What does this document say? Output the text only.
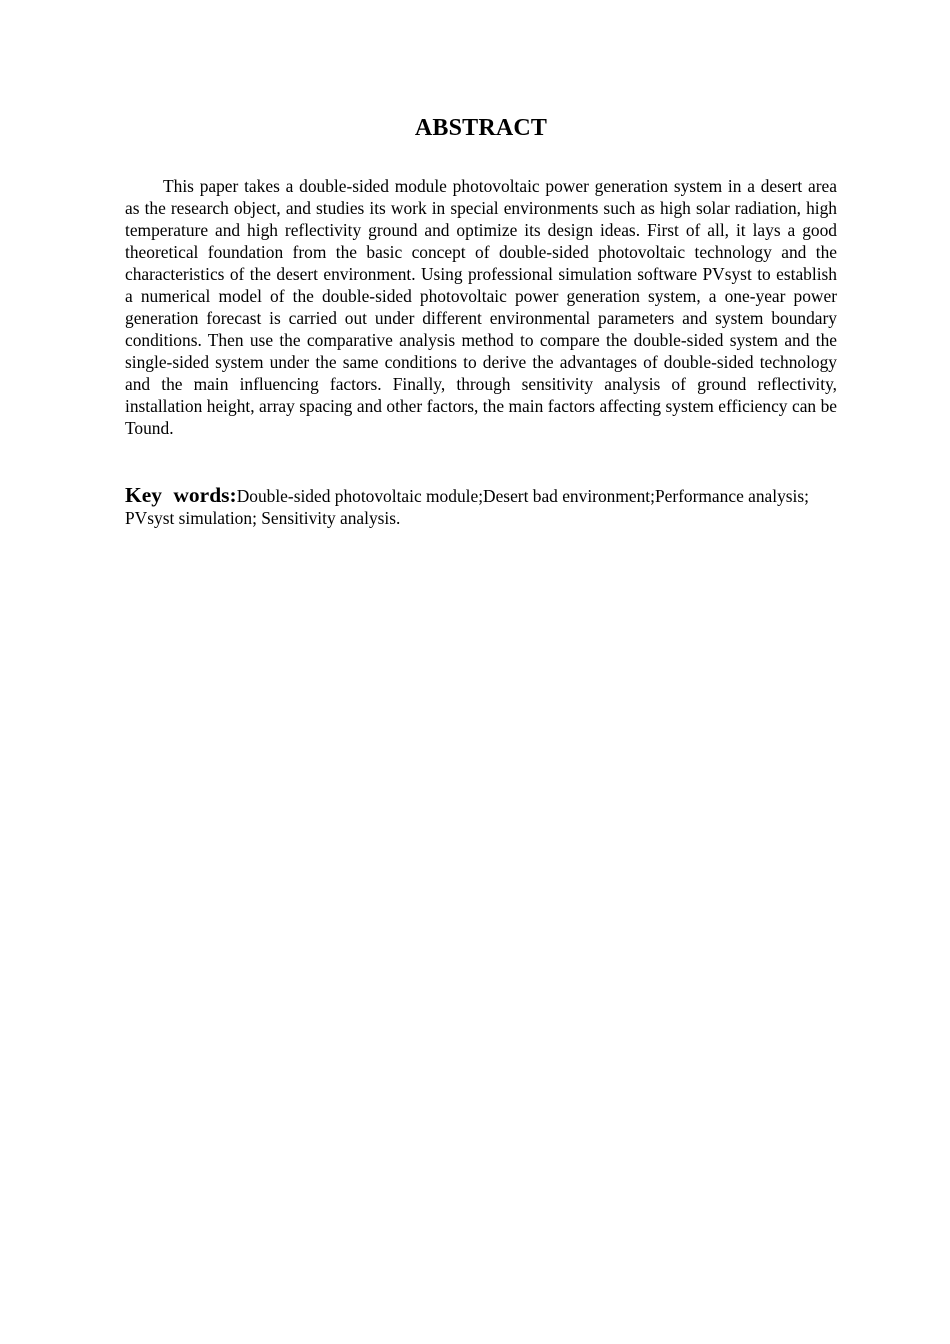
ABSTRACT

This paper takes a double-sided module photovoltaic power generation system in a desert area as the research object, and studies its work in special environments such as high solar radiation, high temperature and high reflectivity ground and optimize its design ideas. First of all, it lays a good theoretical foundation from the basic concept of double-sided photovoltaic technology and the characteristics of the desert environment. Using professional simulation software PVsyst to establish a numerical model of the double-sided photovoltaic power generation system, a one-year power generation forecast is carried out under different environmental parameters and system boundary conditions. Then use the comparative analysis method to compare the double-sided system and the single-sided system under the same conditions to derive the advantages of double-sided technology and the main influencing factors. Finally, through sensitivity analysis of ground reflectivity, installation height, array spacing and other factors, the main factors affecting system efficiency can be Tound.

Key words:Double-sided photovoltaic module;Desert bad environment;Performance analysis; PVsyst simulation; Sensitivity analysis.
